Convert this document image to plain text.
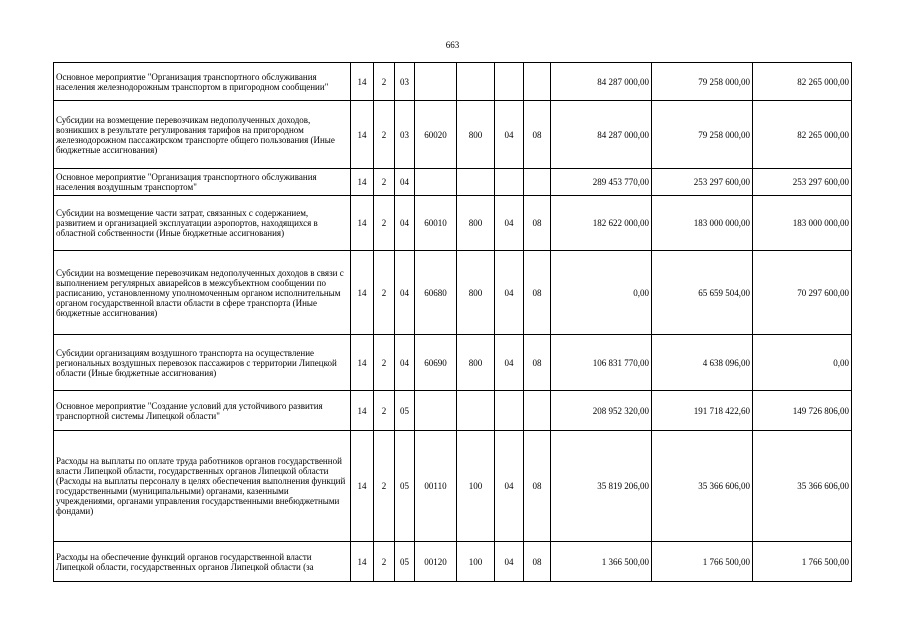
663
Основное мероприятие "Организация транспортного обслуживания населения железнодорожным транспортом в пригородном сообщении"	14	2	03					84 287 000,00	79 258 000,00	82 265 000,00
Субсидии на возмещение перевозчикам недополученных доходов, возникших в результате регулирования тарифов на пригородном железнодорожном пассажирском транспорте общего пользования (Иные бюджетные ассигнования)	14	2	03	60020	800	04	08	84 287 000,00	79 258 000,00	82 265 000,00
Основное мероприятие "Организация транспортного обслуживания населения воздушным транспортом"	14	2	04					289 453 770,00	253 297 600,00	253 297 600,00
Субсидии на возмещение части затрат, связанных с содержанием, развитием и организацией эксплуатации аэропортов, находящихся в областной собственности (Иные бюджетные ассигнования)	14	2	04	60010	800	04	08	182 622 000,00	183 000 000,00	183 000 000,00
Субсидии на возмещение перевозчикам недополученных доходов в связи с выполнением регулярных авиарейсов в межсубъектном сообщении по расписанию, установленному уполномоченным органом исполнительным органом государственной власти области в сфере транспорта (Иные бюджетные ассигнования)	14	2	04	60680	800	04	08	0,00	65 659 504,00	70 297 600,00
Субсидии организациям воздушного транспорта на осуществление региональных воздушных перевозок пассажиров с территории Липецкой области (Иные бюджетные ассигнования)	14	2	04	60690	800	04	08	106 831 770,00	4 638 096,00	0,00
Основное мероприятие "Создание условий для устойчивого развития транспортной системы Липецкой области"	14	2	05					208 952 320,00	191 718 422,60	149 726 806,00
Расходы на выплаты по оплате труда работников органов государственной власти Липецкой области, государственных органов Липецкой области (Расходы на выплаты персоналу в целях обеспечения выполнения функций государственными (муниципальными) органами, казенными учреждениями, органами управления государственными внебюджетными фондами)	14	2	05	00110	100	04	08	35 819 206,00	35 366 606,00	35 366 606,00
Расходы на обеспечение функций органов государственной власти Липецкой области, государственных органов Липецкой области (за	14	2	05	00120	100	04	08	1 366 500,00	1 766 500,00	1 766 500,00
